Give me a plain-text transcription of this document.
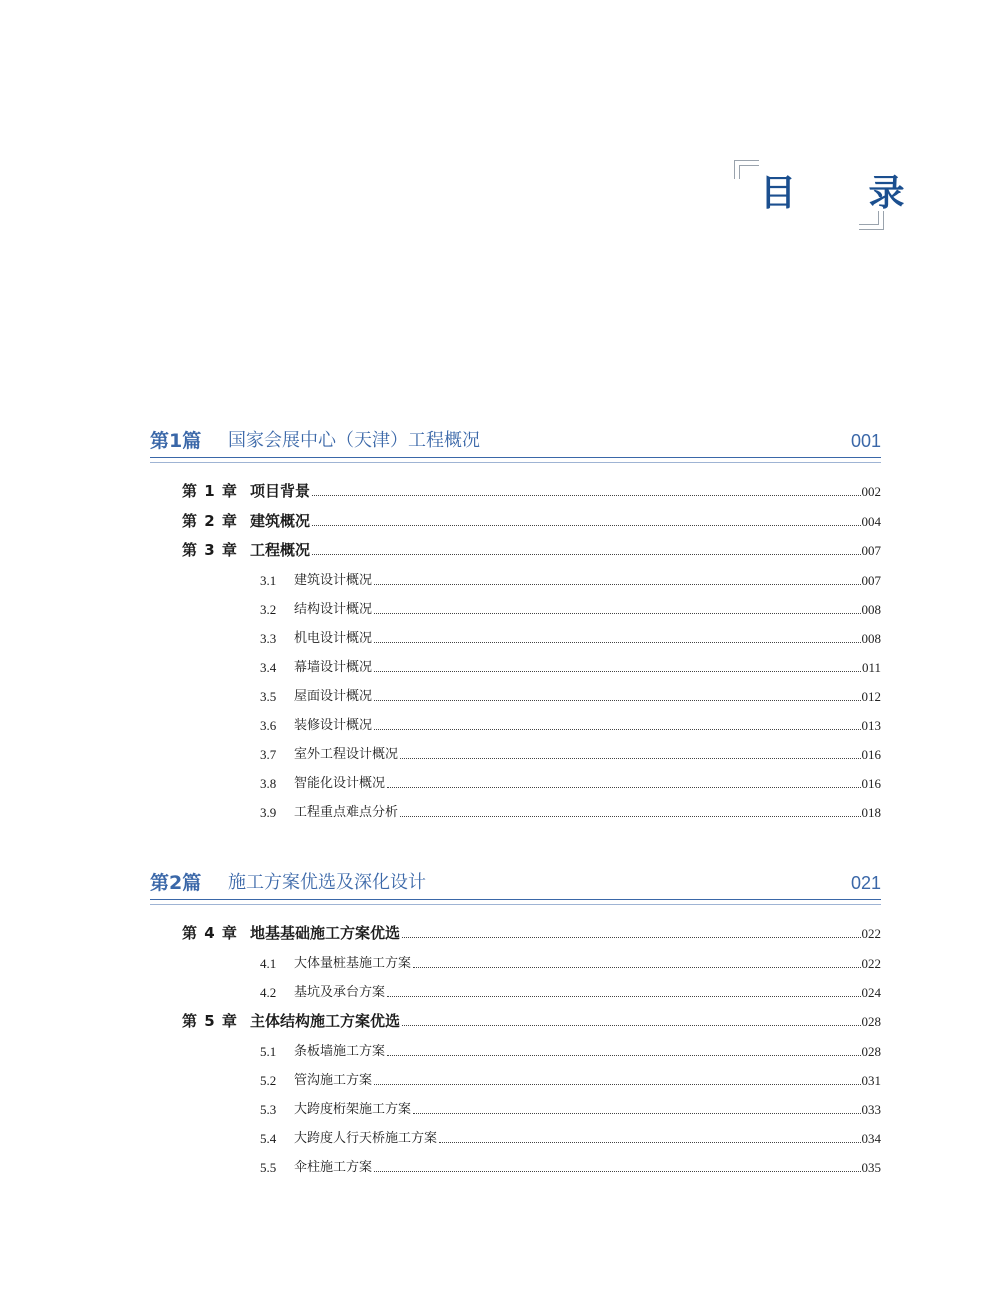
目 录
第1篇 国家会展中心（天津）工程概况	001
第 1 章 项目背景	002
第 2 章 建筑概况	004
第 3 章 工程概况	007
3.1	建筑设计概况	007
3.2	结构设计概况	008
3.3	机电设计概况	008
3.4	幕墙设计概况	011
3.5	屋面设计概况	012
3.6	装修设计概况	013
3.7	室外工程设计概况	016
3.8	智能化设计概况	016
3.9	工程重点难点分析	018
第2篇 施工方案优选及深化设计	021
第 4 章 地基基础施工方案优选	022
4.1	大体量桩基施工方案	022
4.2	基坑及承台方案	024
第 5 章 主体结构施工方案优选	028
5.1	条板墙施工方案	028
5.2	管沟施工方案	031
5.3	大跨度桁架施工方案	033
5.4	大跨度人行天桥施工方案	034
5.5	伞柱施工方案	035
